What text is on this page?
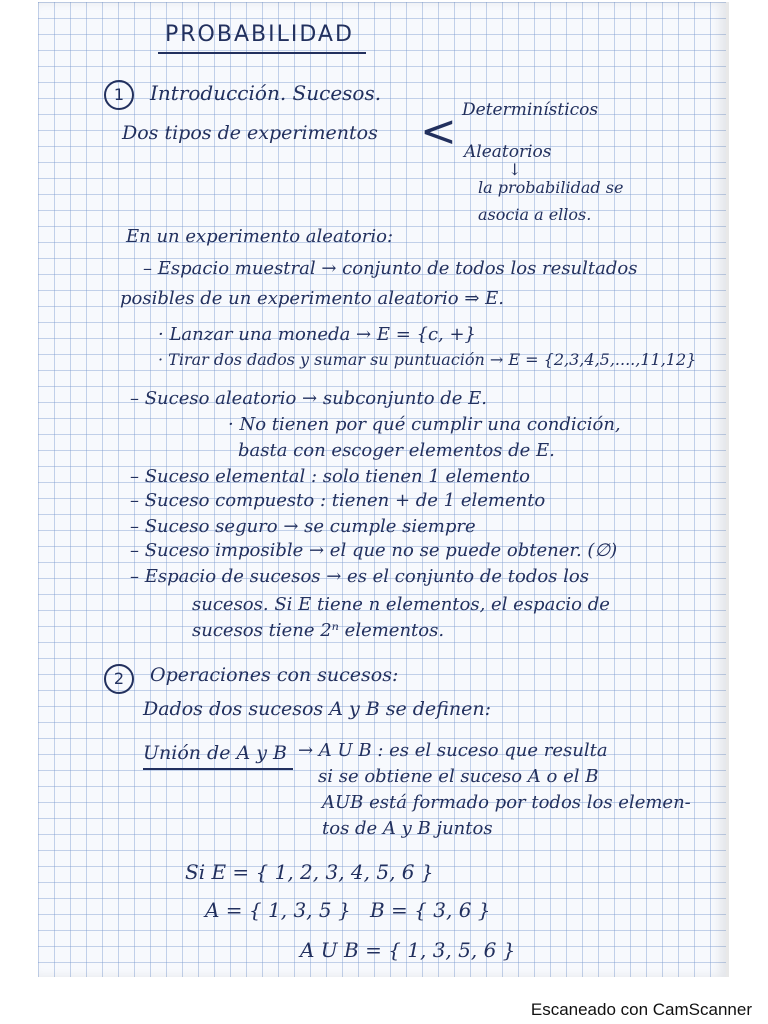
PROBABILIDAD
1	Introducción. Sucesos.
Dos tipos de experimentos < Determinísticos
Aleatorios
↓
la probabilidad se
asocia a ellos.
En un experimento aleatorio:
– Espacio muestral → conjunto de todos los resultados
posibles de un experimento aleatorio ⇒ E.
· Lanzar una moneda → E = {c, +}
· Tirar dos dados y sumar su puntuación → E = {2,3,4,5,....,11,12}
– Suceso aleatorio → subconjunto de E.
· No tienen por qué cumplir una condición,
basta con escoger elementos de E.
– Suceso elemental : solo tienen 1 elemento
– Suceso compuesto : tienen + de 1 elemento
– Suceso seguro → se cumple siempre
– Suceso imposible → el que no se puede obtener. (∅)
– Espacio de sucesos → es el conjunto de todos los
sucesos. Si E tiene n elementos, el espacio de
sucesos tiene 2ⁿ elementos.
2	Operaciones con sucesos:
Dados dos sucesos A y B se definen:
Unión de A y B → A U B : es el suceso que resulta
si se obtiene el suceso A o el B
AUB está formado por todos los elemen-
tos de A y B juntos
Si E = { 1, 2, 3, 4, 5, 6 }
A = { 1, 3, 5 } B = { 3, 6 }
A U B = { 1, 3, 5, 6 }
Escaneado con CamScanner
